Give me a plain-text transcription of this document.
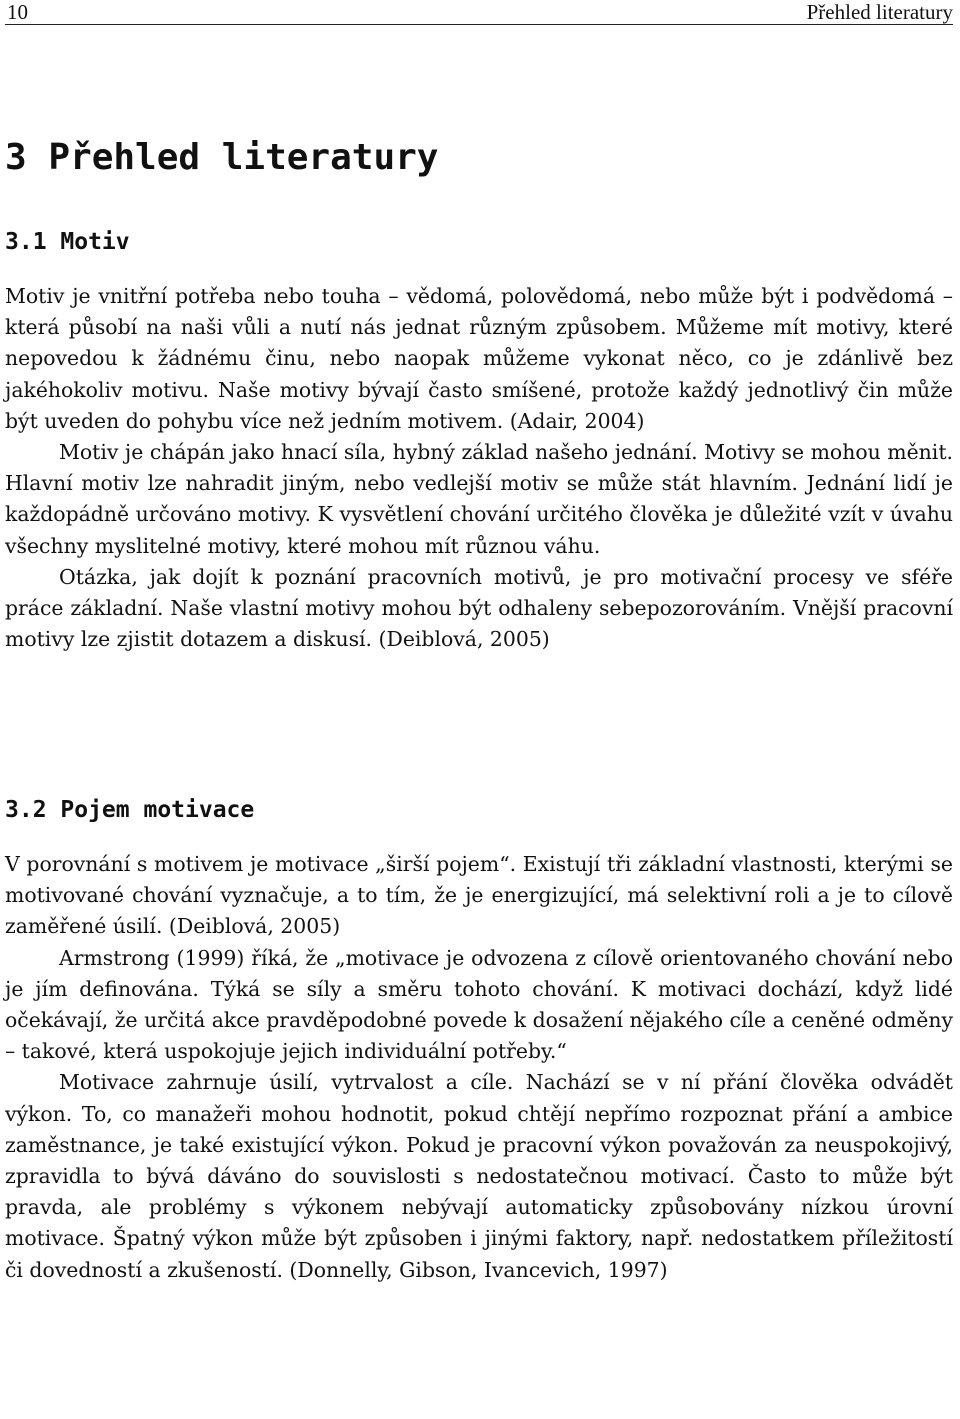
10	Přehled literatury
3 Přehled literatury
3.1 Motiv

Motiv je vnitřní potřeba nebo touha – vědomá, polovědomá, nebo může být i podvědomá – která působí na naši vůli a nutí nás jednat různým způsobem. Můžeme mít motivy, které nepovedou k žádnému činu, nebo naopak můžeme vykonat něco, co je zdánlivě bez jakéhokoliv motivu. Naše motivy bývají často smíšené, protože každý jednotlivý čin může být uveden do pohybu více než jedním motivem. (Adair, 2004)

Motiv je chápán jako hnací síla, hybný základ našeho jednání. Motivy se mohou měnit. Hlavní motiv lze nahradit jiným, nebo vedlejší motiv se může stát hlavním. Jednání lidí je každopádně určováno motivy. K vysvětlení chování určitého člověka je důležité vzít v úvahu všechny myslitelné motivy, které mohou mít různou váhu.

Otázka, jak dojít k poznání pracovních motivů, je pro motivační procesy ve sféře práce základní. Naše vlastní motivy mohou být odhaleny sebepozorováním. Vnější pracovní motivy lze zjistit dotazem a diskusí. (Deiblová, 2005)

3.2 Pojem motivace

V porovnání s motivem je motivace „širší pojem“. Existují tři základní vlastnosti, kterými se motivované chování vyznačuje, a to tím, že je energizující, má selektivní roli a je to cílově zaměřené úsilí. (Deiblová, 2005)

Armstrong (1999) říká, že „motivace je odvozena z cílově orientovaného chování nebo je jím definována. Týká se síly a směru tohoto chování. K motivaci dochází, když lidé očekávají, že určitá akce pravděpodobné povede k dosažení nějakého cíle a ceněné odměny – takové, která uspokojuje jejich individuální potřeby.“

Motivace zahrnuje úsilí, vytrvalost a cíle. Nachází se v ní přání člověka odvádět výkon. To, co manažeři mohou hodnotit, pokud chtějí nepřímo rozpoznat přání a ambice zaměstnance, je také existující výkon. Pokud je pracovní výkon považován za neuspokojivý, zpravidla to bývá dáváno do souvislosti s nedostatečnou motivací. Často to může být pravda, ale problémy s výkonem nebývají automaticky způsobovány nízkou úrovní motivace. Špatný výkon může být způsoben i jinými faktory, např. nedostatkem příležitostí či dovedností a zkušeností. (Donnelly, Gibson, Ivancevich, 1997)
